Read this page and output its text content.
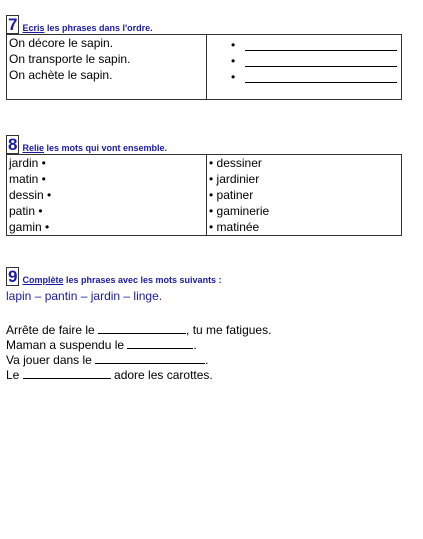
7 Ecris les phrases dans l'ordre.
On décore le sapin.
On transporte le sapin.
On achète le sapin.

•
•
•
8 Relie les mots qui vont ensemble.
jardin •
matin •
dessin •
patin •
gamin •

• dessiner
• jardinier
• patiner
• gaminerie
• matinée
9 Complète les phrases avec les mots suivants :
lapin – pantin – jardin – linge.
Arrête de faire le	, tu me fatigues.
Maman a suspendu le	.
Va jouer dans le	.
Le	adore les carottes.
